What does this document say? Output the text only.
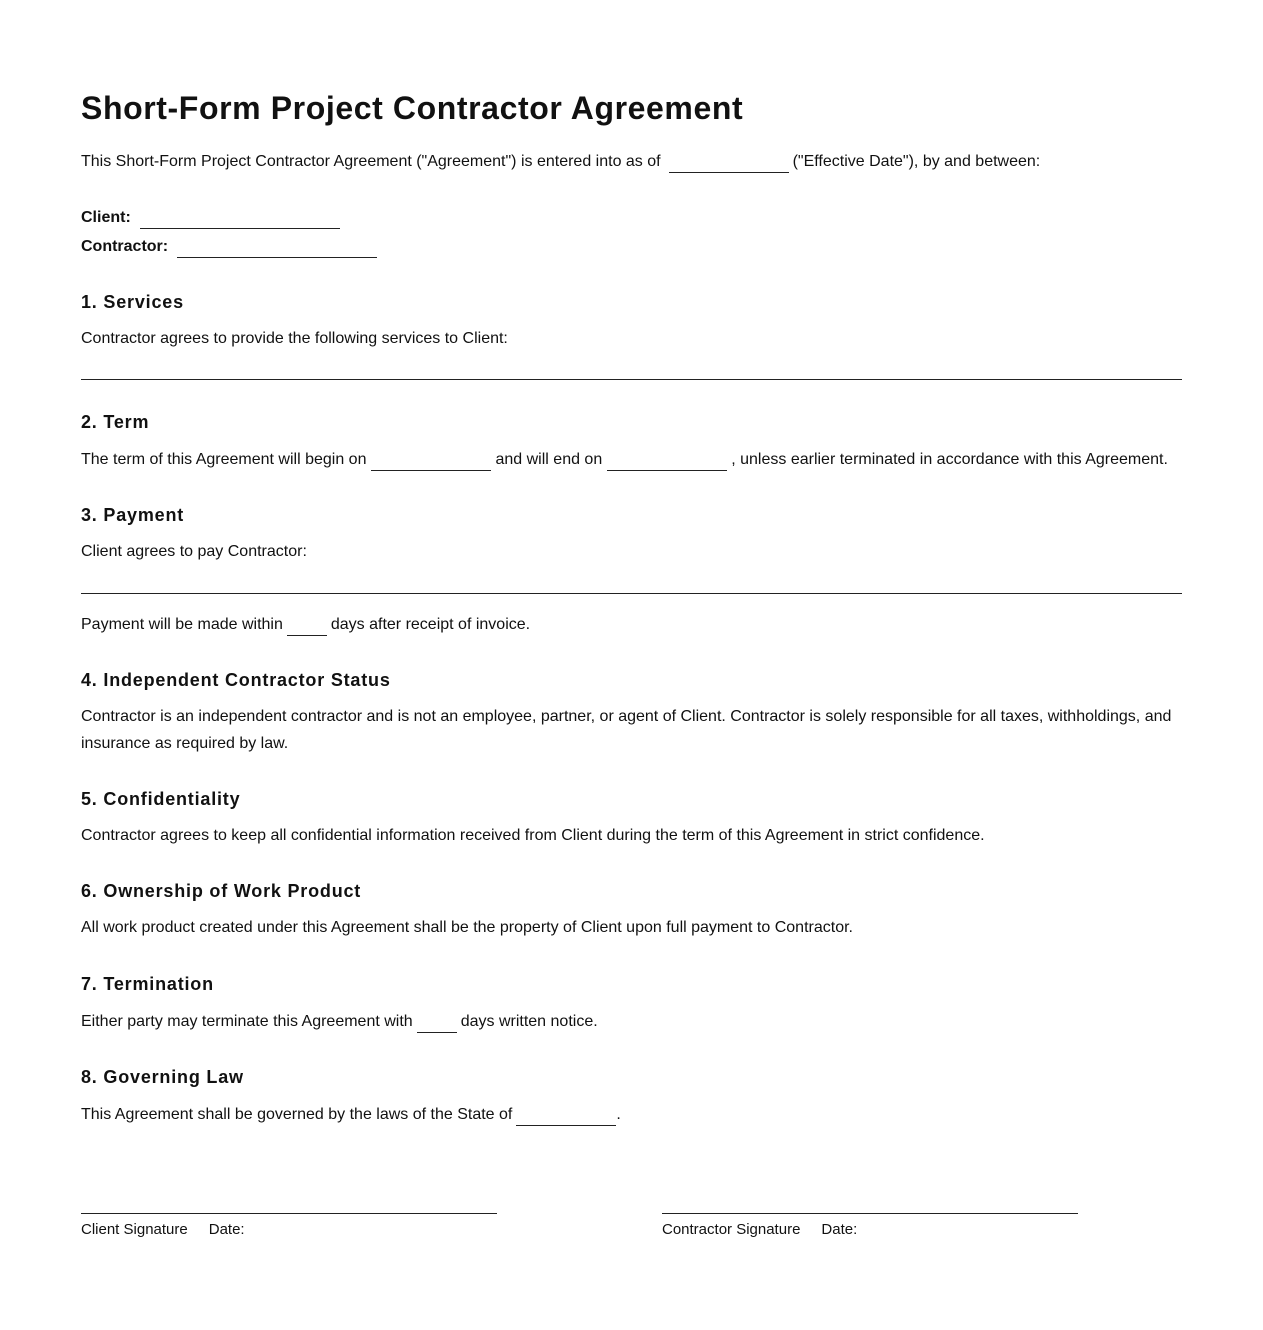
Short-Form Project Contractor Agreement
This Short-Form Project Contractor Agreement ("Agreement") is entered into as of	("Effective Date"), by and between:
Client:
Contractor:
1. Services
Contractor agrees to provide the following services to Client:
2. Term
The term of this Agreement will begin on	and will end on	, unless earlier terminated in accordance with this Agreement.
3. Payment
Client agrees to pay Contractor:
Payment will be made within	days after receipt of invoice.
4. Independent Contractor Status
Contractor is an independent contractor and is not an employee, partner, or agent of Client. Contractor is solely responsible for all taxes, withholdings, and insurance as required by law.
5. Confidentiality
Contractor agrees to keep all confidential information received from Client during the term of this Agreement in strict confidence.
6. Ownership of Work Product
All work product created under this Agreement shall be the property of Client upon full payment to Contractor.
7. Termination
Either party may terminate this Agreement with	days written notice.
8. Governing Law
This Agreement shall be governed by the laws of the State of	.
Client Signature Date:	Contractor Signature Date:
